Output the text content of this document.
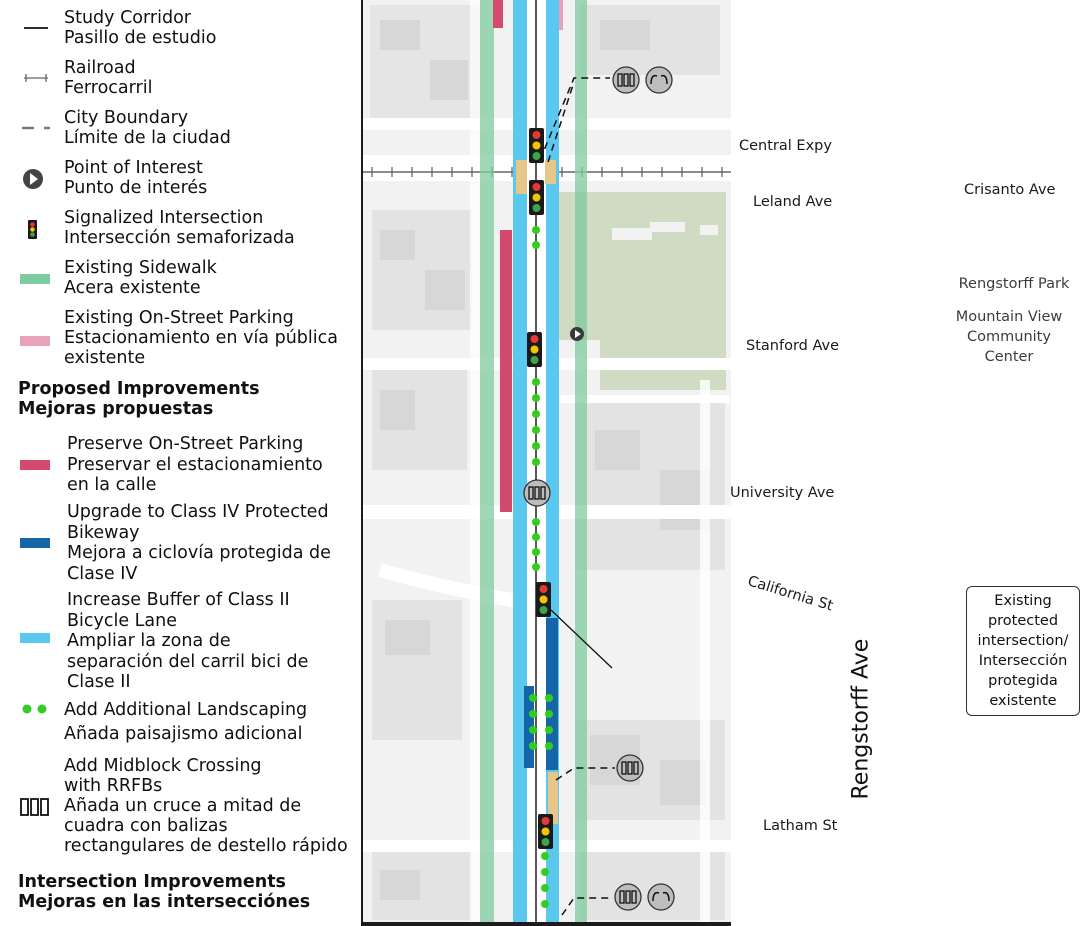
Central Expy
Leland Ave
Crisanto Ave
Stanford Ave
University Ave
California St
Latham St
Rengstorff Ave
Rengstorff Park
Mountain View
Community
Center
Existing
protected
intersection/
Intersección
protegida
existente
Study Corridor
Pasillo de estudio
Railroad
Ferrocarril
City Boundary
Límite de la ciudad
Point of Interest
Punto de interés
Signalized Intersection
Intersección semaforizada
Existing Sidewalk
Acera existente
Existing On-Street Parking
Estacionamiento en vía pública
existente
Proposed Improvements
Mejoras propuestas
Preserve On-Street Parking
Preservar el estacionamiento
en la calle
Upgrade to Class IV Protected
Bikeway
Mejora a ciclovía protegida de
Clase IV
Increase Buffer of Class II
Bicycle Lane
Ampliar la zona de
separación del carril bici de
Clase II
Add Additional Landscaping
Añada paisajismo adicional
Add Midblock Crossing
with RRFBs
Añada un cruce a mitad de
cuadra con balizas
rectangulares de destello rápido
Intersection Improvements
Mejoras en las intersecciónes
